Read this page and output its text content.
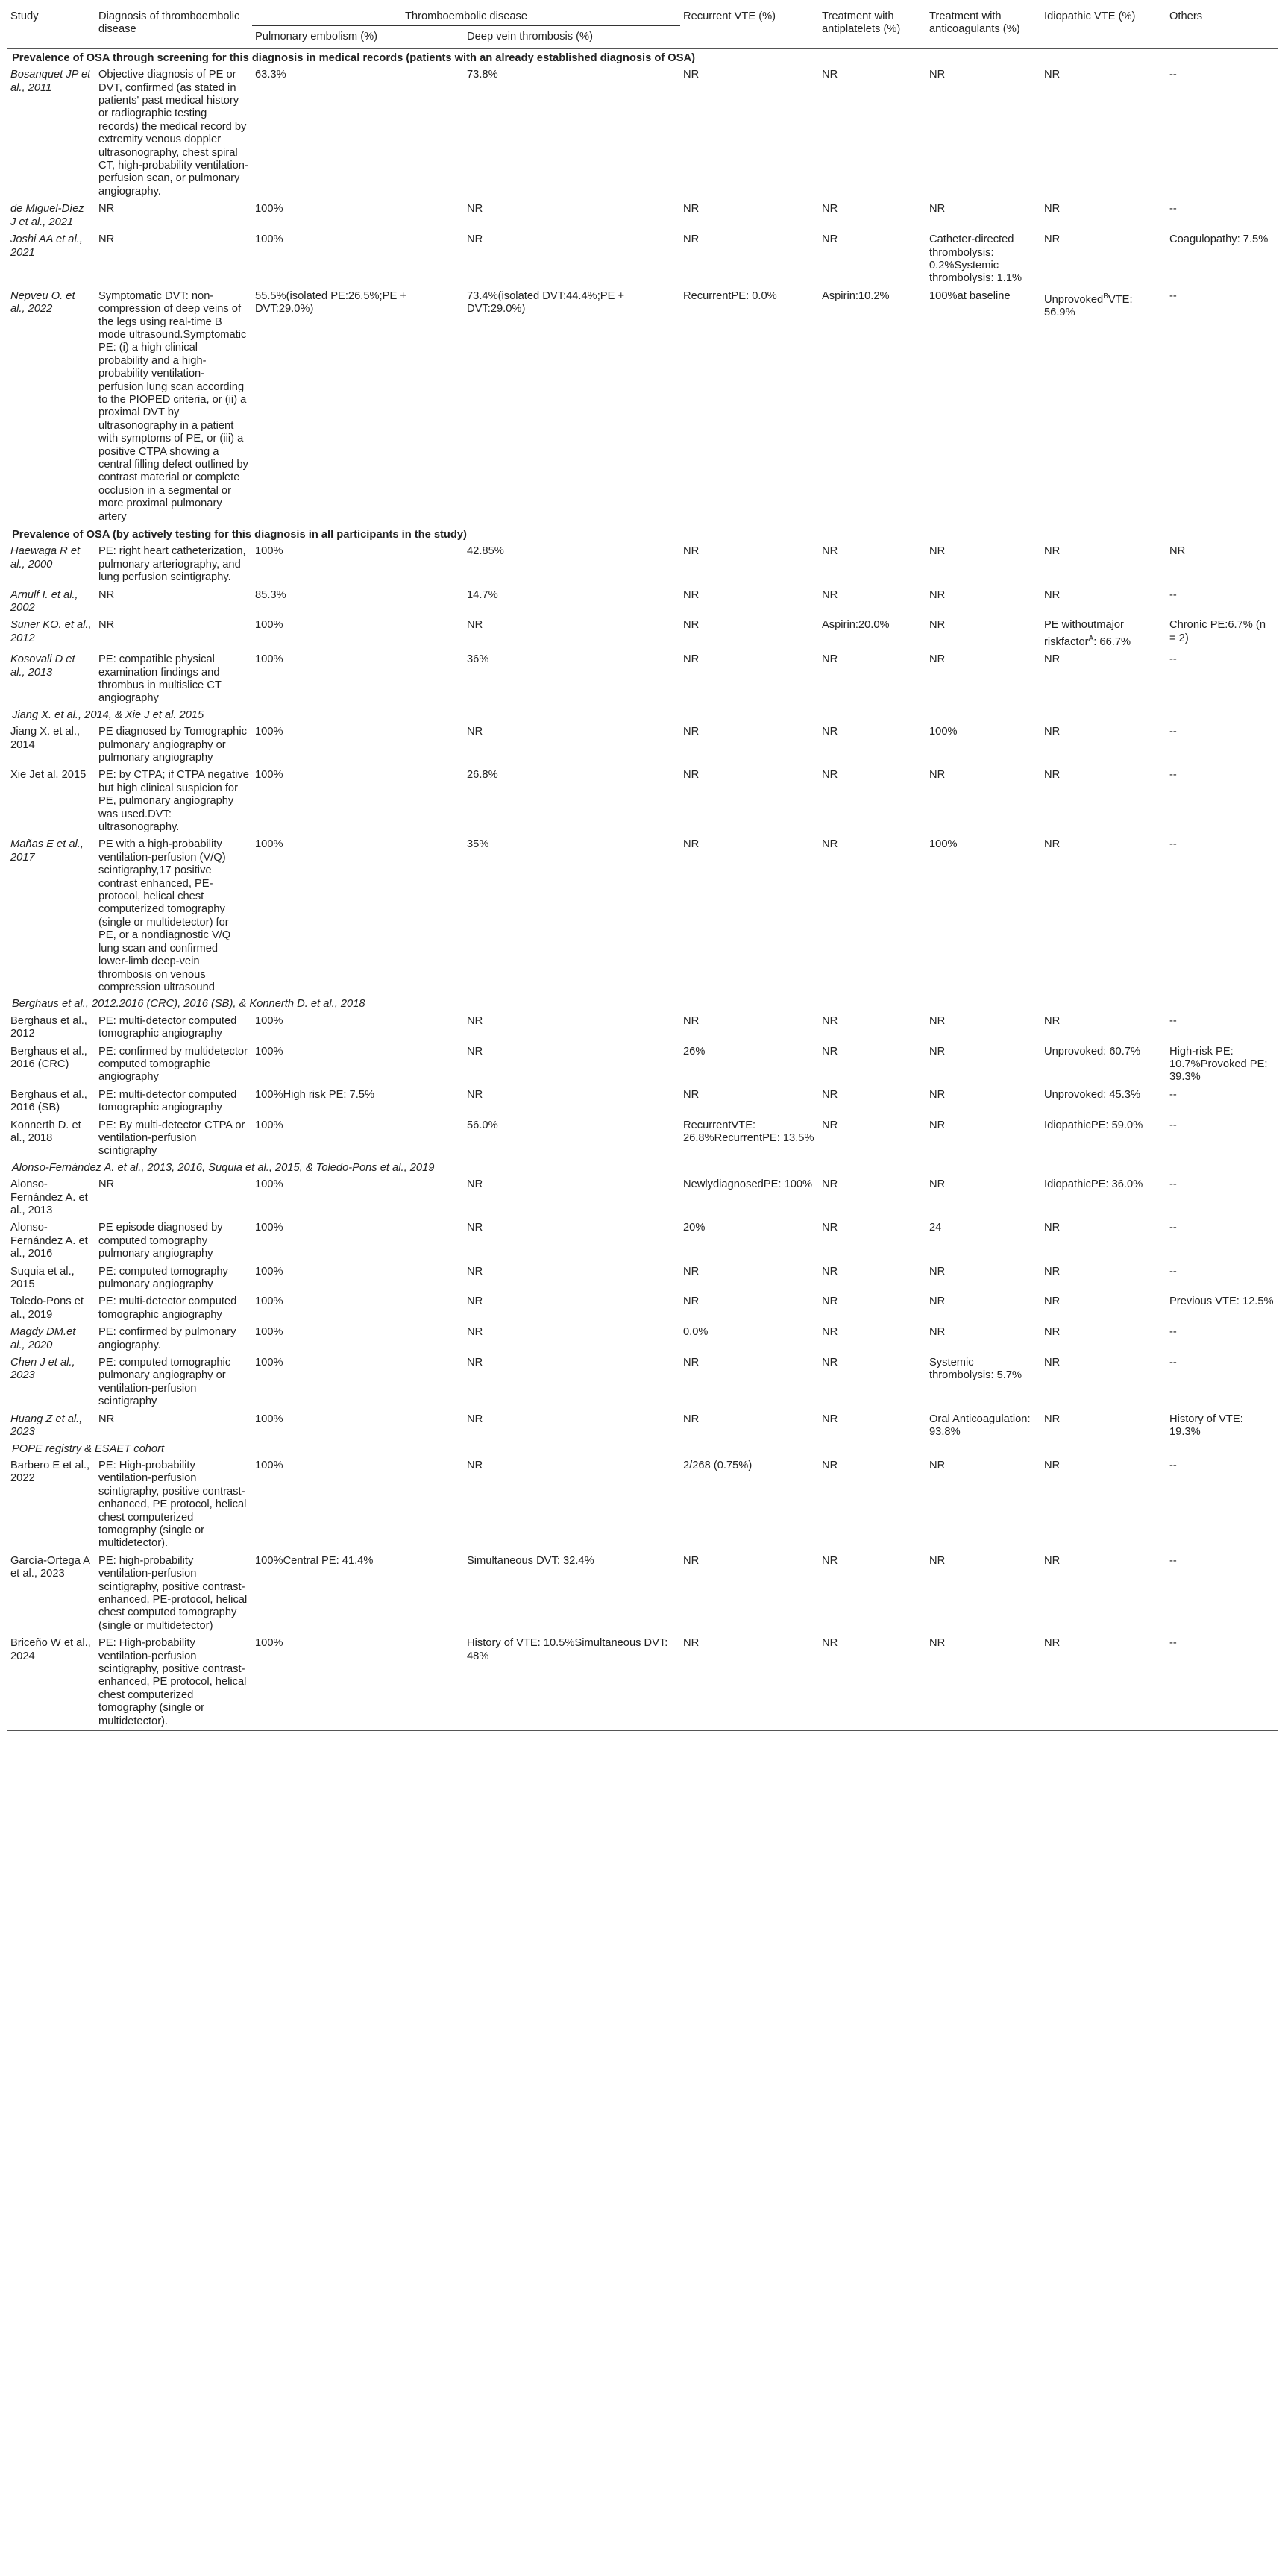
Study	Diagnosis of thromboembolic disease	Thromboembolic disease		Recurrent VTE (%)	Treatment with antiplatelets (%)	Treatment with anticoagulants (%)	Idiopathic VTE (%)	Others
		Pulmonary embolism (%)	Deep vein thrombosis (%)					
Prevalence of OSA through screening for this diagnosis in medical records (patients with an already established diagnosis of OSA)								
Bosanquet JP et al., 2011	Objective diagnosis of PE or DVT, confirmed (as stated in patients' past medical history or radiographic testing records) the medical record by extremity venous doppler ultrasonography, chest spiral CT, high-probability ventilation-perfusion scan, or pulmonary angiography.	63.3%	73.8%	NR	NR	NR	NR	--
de Miguel-Díez J et al., 2021	NR	100%	NR	NR	NR	NR	NR	--
Joshi AA et al., 2021	NR	100%	NR	NR	NR	Catheter-directed thrombolysis: 0.2%Systemic thrombolysis: 1.1%	NR	Coagulopathy: 7.5%
Nepveu O. et al., 2022	Symptomatic DVT: non-compression of deep veins of the legs using real-time B mode ultrasound.Symptomatic PE: (i) a high clinical probability and a high-probability ventilation-perfusion lung scan according to the PIOPED criteria, or (ii) a proximal DVT by ultrasonography in a patient with symptoms of PE, or (iii) a positive CTPA showing a central filling defect outlined by contrast material or complete occlusion in a segmental or more proximal pulmonary artery	55.5%(isolated PE:26.5%;PE + DVT:29.0%)	73.4%(isolated DVT:44.4%;PE + DVT:29.0%)	RecurrentPE: 0.0%	Aspirin:10.2%	100%at baseline	Unprovoked$^B$VTE: 56.9%	--
Prevalence of OSA (by actively testing for this diagnosis in all participants in the study)								
Haewaga R et al., 2000	PE: right heart catheterization, pulmonary arteriography, and lung perfusion scintigraphy.	100%	42.85%	NR	NR	NR	NR	NR
Arnulf I. et al., 2002	NR	85.3%	14.7%	NR	NR	NR	NR	--
Suner KO. et al., 2012	NR	100%	NR	NR	Aspirin:20.0%	NR	PE withoutmajor riskfactor$^A$: 66.7%	Chronic PE:6.7% (n = 2)
Kosovali D et al., 2013	PE: compatible physical examination findings and thrombus in multislice CT angiography	100%	36%	NR	NR	NR	NR	--
Jiang X. et al., 2014, & Xie J et al. 2015								
Jiang X. et al., 2014	PE diagnosed by Tomographic pulmonary angiography or pulmonary angiography	100%	NR	NR	NR	100%	NR	--
Xie Jet al. 2015	PE: by CTPA; if CTPA negative but high clinical suspicion for PE, pulmonary angiography was used.DVT: ultrasonography.	100%	26.8%	NR	NR	NR	NR	--
Mañas E et al., 2017	PE with a high-probability ventilation-perfusion (V/Q) scintigraphy,17 positive contrast enhanced, PE-protocol, helical chest computerized tomography (single or multidetector) for PE, or a nondiagnostic V/Q lung scan and confirmed lower-limb deep-vein thrombosis on venous compression ultrasound	100%	35%	NR	NR	100%	NR	--
Berghaus et al., 2012.2016 (CRC), 2016 (SB), & Konnerth D. et al., 2018								
Berghaus et al., 2012	PE: multi-detector computed tomographic angiography	100%	NR	NR	NR	NR	NR	--
Berghaus et al., 2016 (CRC)	PE: confirmed by multidetector computed tomographic angiography	100%	NR	26%	NR	NR	Unprovoked: 60.7%	High-risk PE: 10.7%Provoked PE: 39.3%
Berghaus et al., 2016 (SB)	PE: multi-detector computed tomographic angiography	100%High risk PE: 7.5%	NR	NR	NR	NR	Unprovoked: 45.3%	--
Konnerth D. et al., 2018	PE: By multi-detector CTPA or ventilation-perfusion scintigraphy	100%	56.0%	RecurrentVTE: 26.8%RecurrentPE: 13.5%	NR	NR	IdiopathicPE: 59.0%	--
Alonso-Fernández A. et al., 2013, 2016, Suquia et al., 2015, & Toledo-Pons et al., 2019								
Alonso-Fernández A. et al., 2013	NR	100%	NR	NewlydiagnosedPE: 100%	NR	NR	IdiopathicPE: 36.0%	--
Alonso-Fernández A. et al., 2016	PE episode diagnosed by computed tomography pulmonary angiography	100%	NR	20%	NR	24	NR	--
Suquia et al., 2015	PE: computed tomography pulmonary angiography	100%	NR	NR	NR	NR	NR	--
Toledo-Pons et al., 2019	PE: multi-detector computed tomographic angiography	100%	NR	NR	NR	NR	NR	Previous VTE: 12.5%
Magdy DM.et al., 2020	PE: confirmed by pulmonary angiography.	100%	NR	0.0%	NR	NR	NR	--
Chen J et al., 2023	PE: computed tomographic pulmonary angiography or ventilation-perfusion scintigraphy	100%	NR	NR	NR	Systemic thrombolysis: 5.7%	NR	--
Huang Z et al., 2023	NR	100%	NR	NR	NR	Oral Anticoagulation: 93.8%	NR	History of VTE: 19.3%
POPE registry & ESAET cohort								
Barbero E et al., 2022	PE: High-probability ventilation-perfusion scintigraphy, positive contrast-enhanced, PE protocol, helical chest computerized tomography (single or multidetector).	100%	NR	2/268 (0.75%)	NR	NR	NR	--
García-Ortega A et al., 2023	PE: high-probability ventilation-perfusion scintigraphy, positive contrast-enhanced, PE-protocol, helical chest computed tomography (single or multidetector)	100%Central PE: 41.4%	Simultaneous DVT: 32.4%	NR	NR	NR	NR	--
Briceño W et al., 2024	PE: High-probability ventilation-perfusion scintigraphy, positive contrast-enhanced, PE protocol, helical chest computerized tomography (single or multidetector).	100%	History of VTE: 10.5%Simultaneous DVT: 48%	NR	NR	NR	NR	--
